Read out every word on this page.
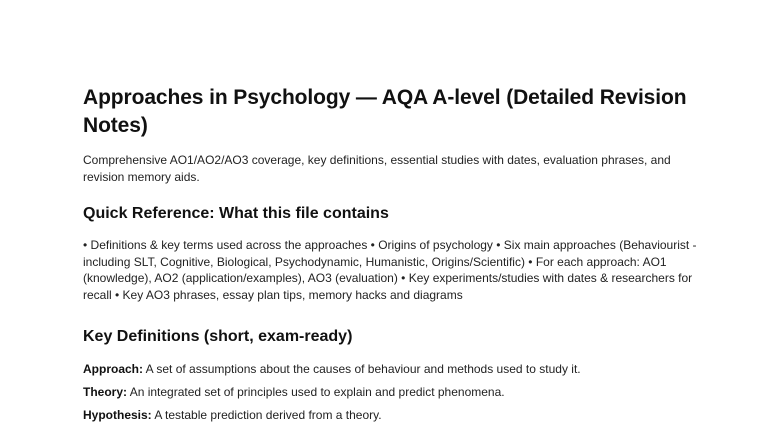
Approaches in Psychology — AQA A-level (Detailed Revision Notes)

Comprehensive AO1/AO2/AO3 coverage, key definitions, essential studies with dates, evaluation phrases, and revision memory aids.

Quick Reference: What this file contains

• Definitions & key terms used across the approaches • Origins of psychology • Six main approaches (Behaviourist - including SLT, Cognitive, Biological, Psychodynamic, Humanistic, Origins/Scientific) • For each approach: AO1 (knowledge), AO2 (application/examples), AO3 (evaluation) • Key experiments/studies with dates & researchers for recall • Key AO3 phrases, essay plan tips, memory hacks and diagrams

Key Definitions (short, exam-ready)
Approach: A set of assumptions about the causes of behaviour and methods used to study it.
Theory: An integrated set of principles used to explain and predict phenomena.
Hypothesis: A testable prediction derived from a theory.
